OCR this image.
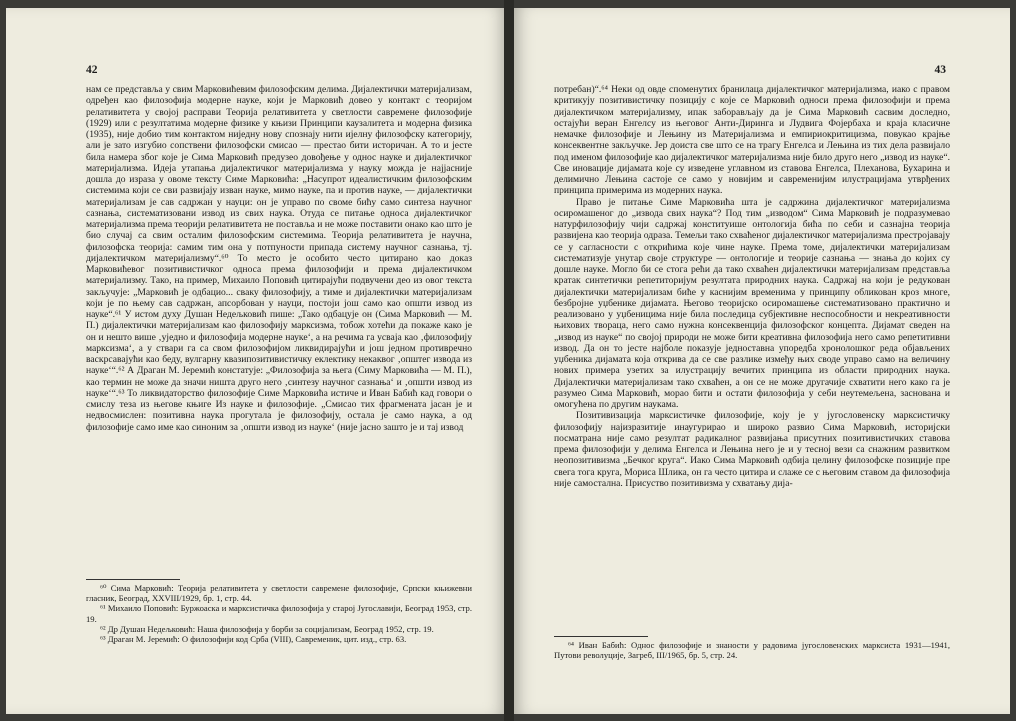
42

нам се представља у свим Марковићевим филозофским делима. Дијалектички материјализам, одређен као филозофија модерне науке, који је Марковић довео у контакт с теоријом релативитета у својој расправи Теорија релативитета у светлости савремене филозофије (1929) или с резултатима модерне физике у књизи Принципи каузалитета и модерна физика (1935), није добио тим контактом ниједну нову спознају нити ијелну филозофску категорију, али је зато изгубио сопствени филозофски смисао — престао бити историчан. А то и јесте била намера због које је Сима Марковић предузео довођење у однос науке и дијалектичког материјализма. Идеја утапања дијалектичког материјализма у науку можда је најјасније дошла до израза у овоме тексту Симе Марковића: „Насупрот идеалистичким филозофским системима који се сви развијају изван науке, мимо науке, па и против науке, — дијалектички материјализам је сав садржан у науци: он је управо по своме бићу само синтеза научног сазнања, систематизовани извод из свих наука. Отуда се питање односа дијалектичког материјализма према теорији релативитета не поставља и не може поставити онако као што је био случај са свим осталим филозофским системима. Теорија релативитета је научна, филозофска теорија: самим тим она у потпуности припада систему научног сазнања, тј. дијалектичком материјализму“.⁶⁰ То место је особито често цитирано као доказ Марковићевог позитивистичког односа према филозофији и према дијалектичком материјализму. Тако, на пример, Михаило Поповић цитирајући подвучени део из овог текста закључује: „Марковић је одбацио... сваку филозофију, а тиме и дијалектички материјализам који је по њему сав садржан, апсорбован у науци, постоји још само као општи извод из науке“.⁶¹ У истом духу Душан Недељковић пише: „Тако одбацује он (Сима Марковић — М. П.) дијалектички материјализам као филозофију марксизма, тобож хотећи да покаже како је он и нешто више ‚уједно и филозофија модерне науке‘, а на речима га усваја као ‚филозофију марксизма‘, а у ствари га са свом филозофијом ликвидирајући и још једном противречно васкрсавајући као беду, вулгарну квазипозитивистичку еклектику некаквог ‚општег извода из науке‘“.⁶² А Драган М. Јеремић констатује: „Филозофија за њега (Симу Марковића — М. П.), као термин не може да значи ништа друго него ‚синтезу научног сазнања‘ и ‚општи извод из науке‘“.⁶³ То ликвидаторство филозофије Симе Марковића истиче и Иван Бабић кад говори о смислу теза из његове књиге Из науке и филозофије. „Смисао тих фрагмената јасан је и недвосмислен: позитивна наука прогутала је филозофију, остала је само наука, а од филозофије само име као синоним за ‚општи извод из науке‘ (није јасно зашто је и тај извод

⁶⁰ Сима Марковић: Теорија релативитета у светлости савремене филозофије, Српски књижевни гласник, Београд, XXVIII/1929, бр. 1, стр. 44.
⁶¹ Михаило Поповић: Буржоаска и марксистичка филозофија у старој Југославији, Београд 1953, стр. 19.
⁶² Др Душан Недељковић: Наша филозофија у борби за социјализам, Београд 1952, стр. 19.
⁶³ Драган М. Јеремић: О филозофији код Срба (VIII), Савременик, цит. изд., стр. 63.
43

потребан)“.⁶⁴ Неки од овде споменутих бранилаца дијалектичког материјализма, иако с правом критикују позитивистичку позицију с које се Марковић односи према филозофији и према дијалектичком материјализму, ипак заборављају да је Сима Марковић сасвим доследно, остајући веран Енгелсу из његовог Анти-Диринга и Лудвига Фојербаха и краја класичне немачке филозофије и Лењину из Материјализма и емпириокритицизма, повукао крајње консеквентне закључке. Јер доиста све што се на трагу Енгелса и Лењина из тих дела развијало под именом филозофије као дијалектичког материјализма није било друго него „извод из науке“. Све иновације дијамата које су изведене углавном из ставова Енгелса, Плеханова, Бухарина и делимично Лењина састоје се само у новијим и савременијим илустрацијама утврђених принципа примерима из модерних наука.

Право је питање Симе Марковића шта је садржина дијалектичког материјализма осиромашеног до „извода свих наука“? Под тим „изводом“ Сима Марковић је подразумевао натурфилозофију чији садржај конституише онтологија бића по себи и сазнајна теорија развијена као теорија одраза. Темељи тако схваћеног дијалектичког материјализма престројавају се у сагласности с открићима које чине науке. Према томе, дијалектички материјализам систематизује унутар своје структуре — онтологије и теорије сазнања — знања до којих су дошле науке. Могло би се стога рећи да тако схваћен дијалектички материјализам представља кратак синтетички репетиторијум резултата природних наука. Садржај на који је редукован дијалектички материјализам биће у каснијим временима у принципу обликован кроз многе, безбројне уџбенике дијамата. Његово теоријско осиромашење систематизовано практично и реализовано у уџбеницима није била последица субјективне неспособности и некреативности њихових твораца, него само нужна консеквенција филозофског концепта. Дијамат сведен на „извод из науке“ по својој природи не може бити креативна филозофија него само репетитивни извод. Да он то јесте најболе показује једноставна упоредба хронолошког реда објављених уџбеника дијамата која открива да се све разлике између њих своде управо само на величину нових примера узетих за илустрацију вечитих принципа из области природних наука. Дијалектички материјализам тако схваћен, а он се не може другачије схватити него како га је разумео Сима Марковић, морао бити и остати филозофија у себи неутемељена, заснована и омогућена по другим наукама.

Позитивизација марксистичке филозофије, коју је у југословенску марксистичку филозофију најизразитије инаугурирао и широко развио Сима Марковић, историјски посматрана није само резултат радикалног развијања присутних позитивистичких ставова према филозофији у делима Енгелса и Лењина него је и у тесној вези са снажним развитком неопозитивизма „Бечког круга“. Иако Сима Марковић одбија целину филозофске позиције пре свега тога круга, Мориса Шлика, он га често цитира и слаже се с његовим ставом да филозофија није самостална. Присуство позитивизма у схватању дија-

⁶⁴ Иван Бабић: Однос филозофије и знаности у радовима југословенских марксиста 1931—1941, Путови револуције, Загреб, III/1965, бр. 5, стр. 24.
